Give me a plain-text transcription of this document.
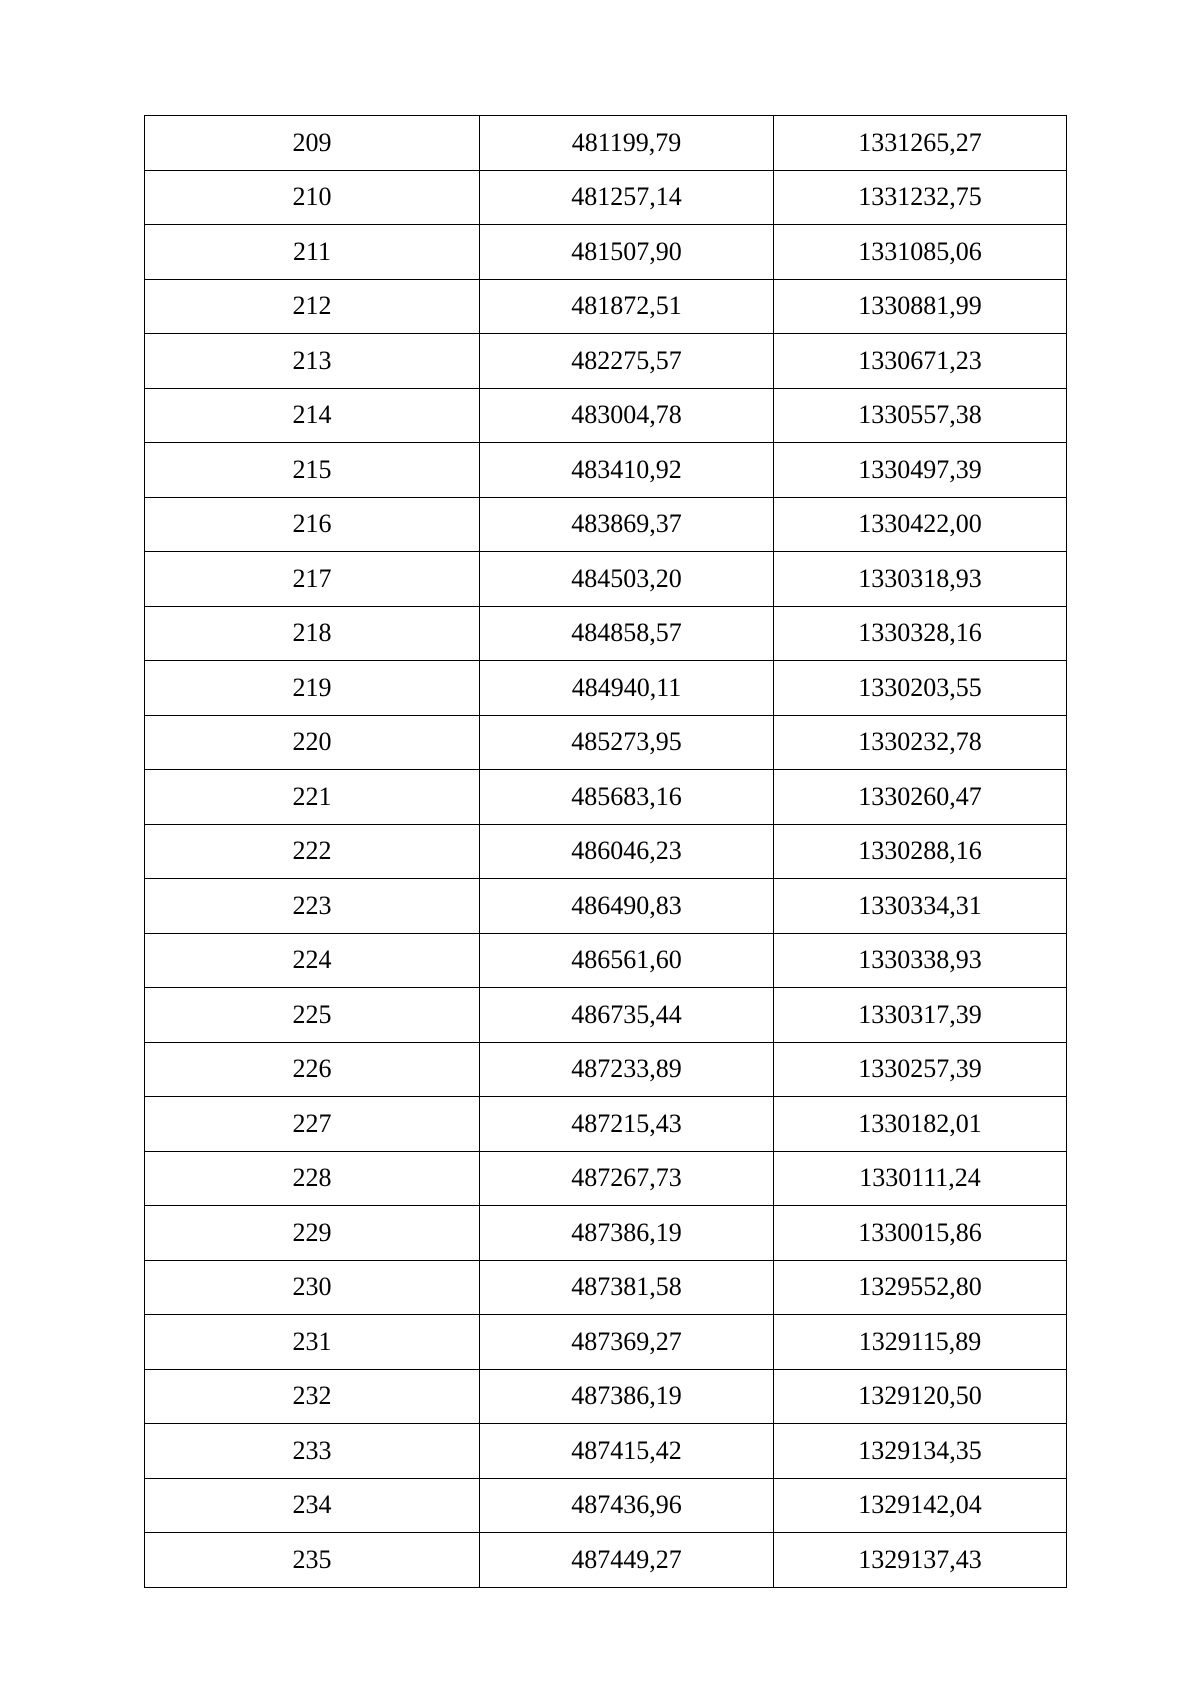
209	481199,79	1331265,27
210	481257,14	1331232,75
211	481507,90	1331085,06
212	481872,51	1330881,99
213	482275,57	1330671,23
214	483004,78	1330557,38
215	483410,92	1330497,39
216	483869,37	1330422,00
217	484503,20	1330318,93
218	484858,57	1330328,16
219	484940,11	1330203,55
220	485273,95	1330232,78
221	485683,16	1330260,47
222	486046,23	1330288,16
223	486490,83	1330334,31
224	486561,60	1330338,93
225	486735,44	1330317,39
226	487233,89	1330257,39
227	487215,43	1330182,01
228	487267,73	1330111,24
229	487386,19	1330015,86
230	487381,58	1329552,80
231	487369,27	1329115,89
232	487386,19	1329120,50
233	487415,42	1329134,35
234	487436,96	1329142,04
235	487449,27	1329137,43
